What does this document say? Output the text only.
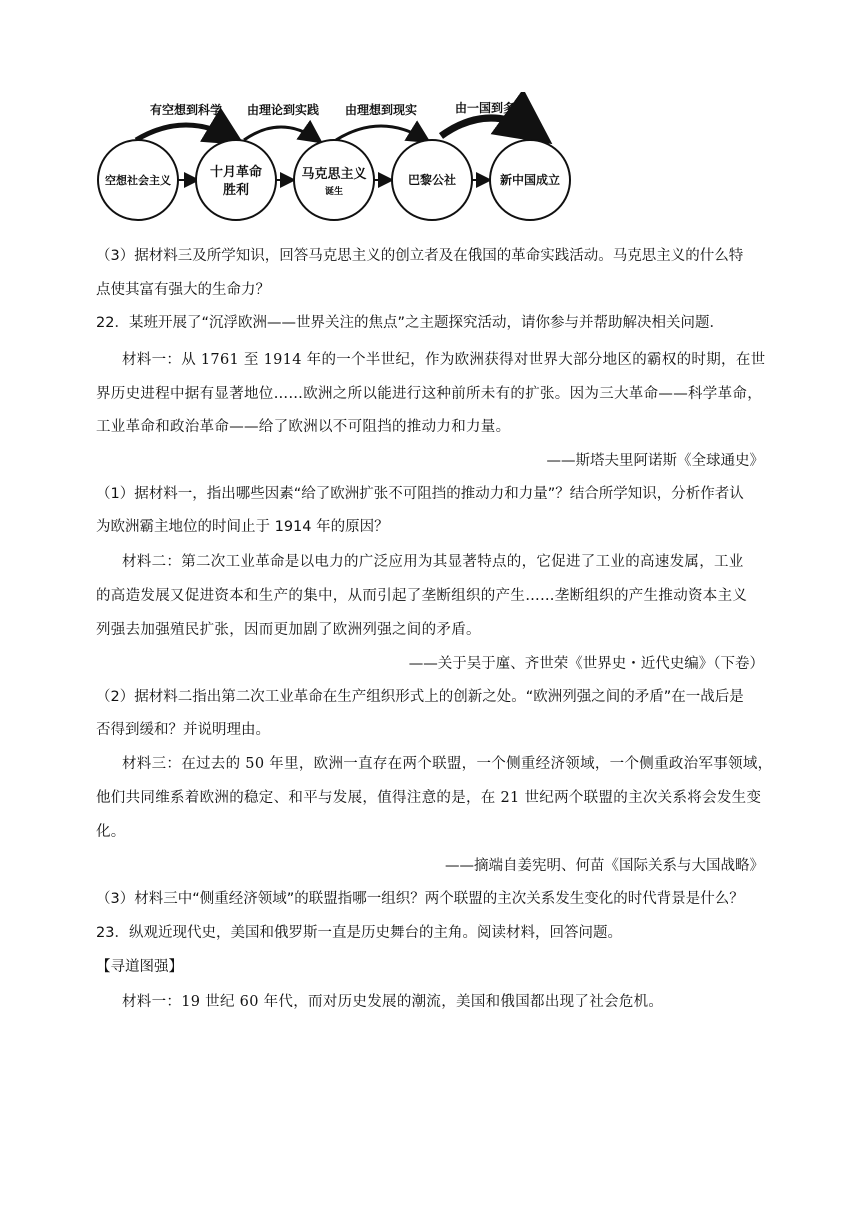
有空想到科学 由理论到实践 由理想到现实	由一国到多国
空想社会主义
十月革命
胜利
马克思主义
诞生
巴黎公社	新中国成立
（3）据材料三及所学知识，回答马克思主义的创立者及在俄国的革命实践活动。马克思主义的什么特
点使其富有强大的生命力？
22．某班开展了“沉浮欧洲——世界关注的焦点”之主题探究活动，请你参与并帮助解决相关问题．
材料一：从 1761 至 1914 年的一个半世纪，作为欧洲获得对世界大部分地区的霸权的时期，在世
界历史进程中据有显著地位……欧洲之所以能进行这种前所未有的扩张。因为三大革命——科学革命，
工业革命和政治革命——给了欧洲以不可阻挡的推动力和力量。
——斯塔夫里阿诺斯《全球通史》
（1）据材料一，指出哪些因素“给了欧洲扩张不可阻挡的推动力和力量”？结合所学知识，分析作者认
为欧洲霸主地位的时间止于 1914 年的原因？
材料二：第二次工业革命是以电力的广泛应用为其显著特点的，它促进了工业的高速发属，工业
的高造发展又促进资本和生产的集中，从而引起了垄断组织的产生……垄断组织的产生推动资本主义
列强去加强殖民扩张，因而更加剧了欧洲列强之间的矛盾。
——关于吴于廑、齐世荣《世界史・近代史编》（下卷）
（2）据材料二指出第二次工业革命在生产组织形式上的创新之处。“欧洲列强之间的矛盾”在一战后是
否得到缓和？并说明理由。
材料三：在过去的 50 年里，欧洲一直存在两个联盟，一个侧重经济领域，一个侧重政治军事领域，
他们共同维系着欧洲的稳定、和平与发展，值得注意的是，在 21 世纪两个联盟的主次关系将会发生变
化。
——摘端自姜宪明、何苗《国际关系与大国战略》
（3）材料三中“侧重经济领域”的联盟指哪一组织？两个联盟的主次关系发生变化的时代背景是什么？
23．纵观近现代史，美国和俄罗斯一直是历史舞台的主角。阅读材料，回答问题。
【寻道图强】
材料一：19 世纪 60 年代，而对历史发展的潮流，美国和俄国都出现了社会危机。
